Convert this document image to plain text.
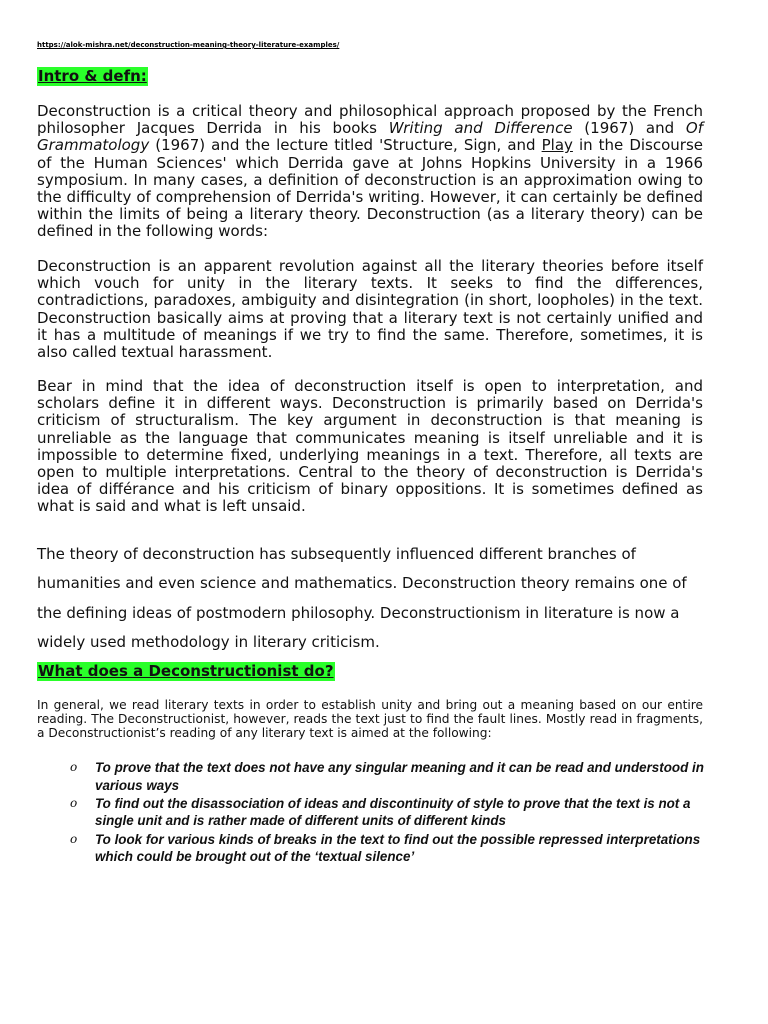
https://alok-mishra.net/deconstruction-meaning-theory-literature-examples/
Intro & defn:

Deconstruction is a critical theory and philosophical approach proposed by the French philosopher Jacques Derrida in his books Writing and Difference (1967) and Of Grammatology (1967) and the lecture titled 'Structure, Sign, and Play in the Discourse of the Human Sciences' which Derrida gave at Johns Hopkins University in a 1966 symposium. In many cases, a definition of deconstruction is an approximation owing to the difficulty of comprehension of Derrida's writing. However, it can certainly be defined within the limits of being a literary theory. Deconstruction (as a literary theory) can be defined in the following words:

Deconstruction is an apparent revolution against all the literary theories before itself which vouch for unity in the literary texts. It seeks to find the differences, contradictions, paradoxes, ambiguity and disintegration (in short, loopholes) in the text. Deconstruction basically aims at proving that a literary text is not certainly unified and it has a multitude of meanings if we try to find the same. Therefore, sometimes, it is also called textual harassment.

Bear in mind that the idea of deconstruction itself is open to interpretation, and scholars define it in different ways. Deconstruction is primarily based on Derrida's criticism of structuralism. The key argument in deconstruction is that meaning is unreliable as the language that communicates meaning is itself unreliable and it is impossible to determine fixed, underlying meanings in a text. Therefore, all texts are open to multiple interpretations. Central to the theory of deconstruction is Derrida's idea of différance and his criticism of binary oppositions. It is sometimes defined as what is said and what is left unsaid.

The theory of deconstruction has subsequently influenced different branches of humanities and even science and mathematics. Deconstruction theory remains one of the defining ideas of postmodern philosophy. Deconstructionism in literature is now a widely used methodology in literary criticism.

What does a Deconstructionist do?

In general, we read literary texts in order to establish unity and bring out a meaning based on our entire reading. The Deconstructionist, however, reads the text just to find the fault lines. Mostly read in fragments, a Deconstructionist’s reading of any literary text is aimed at the following:

o To prove that the text does not have any singular meaning and it can be read and understood in various ways
o To find out the disassociation of ideas and discontinuity of style to prove that the text is not a single unit and is rather made of different units of different kinds
o To look for various kinds of breaks in the text to find out the possible repressed interpretations which could be brought out of the ‘textual silence’
